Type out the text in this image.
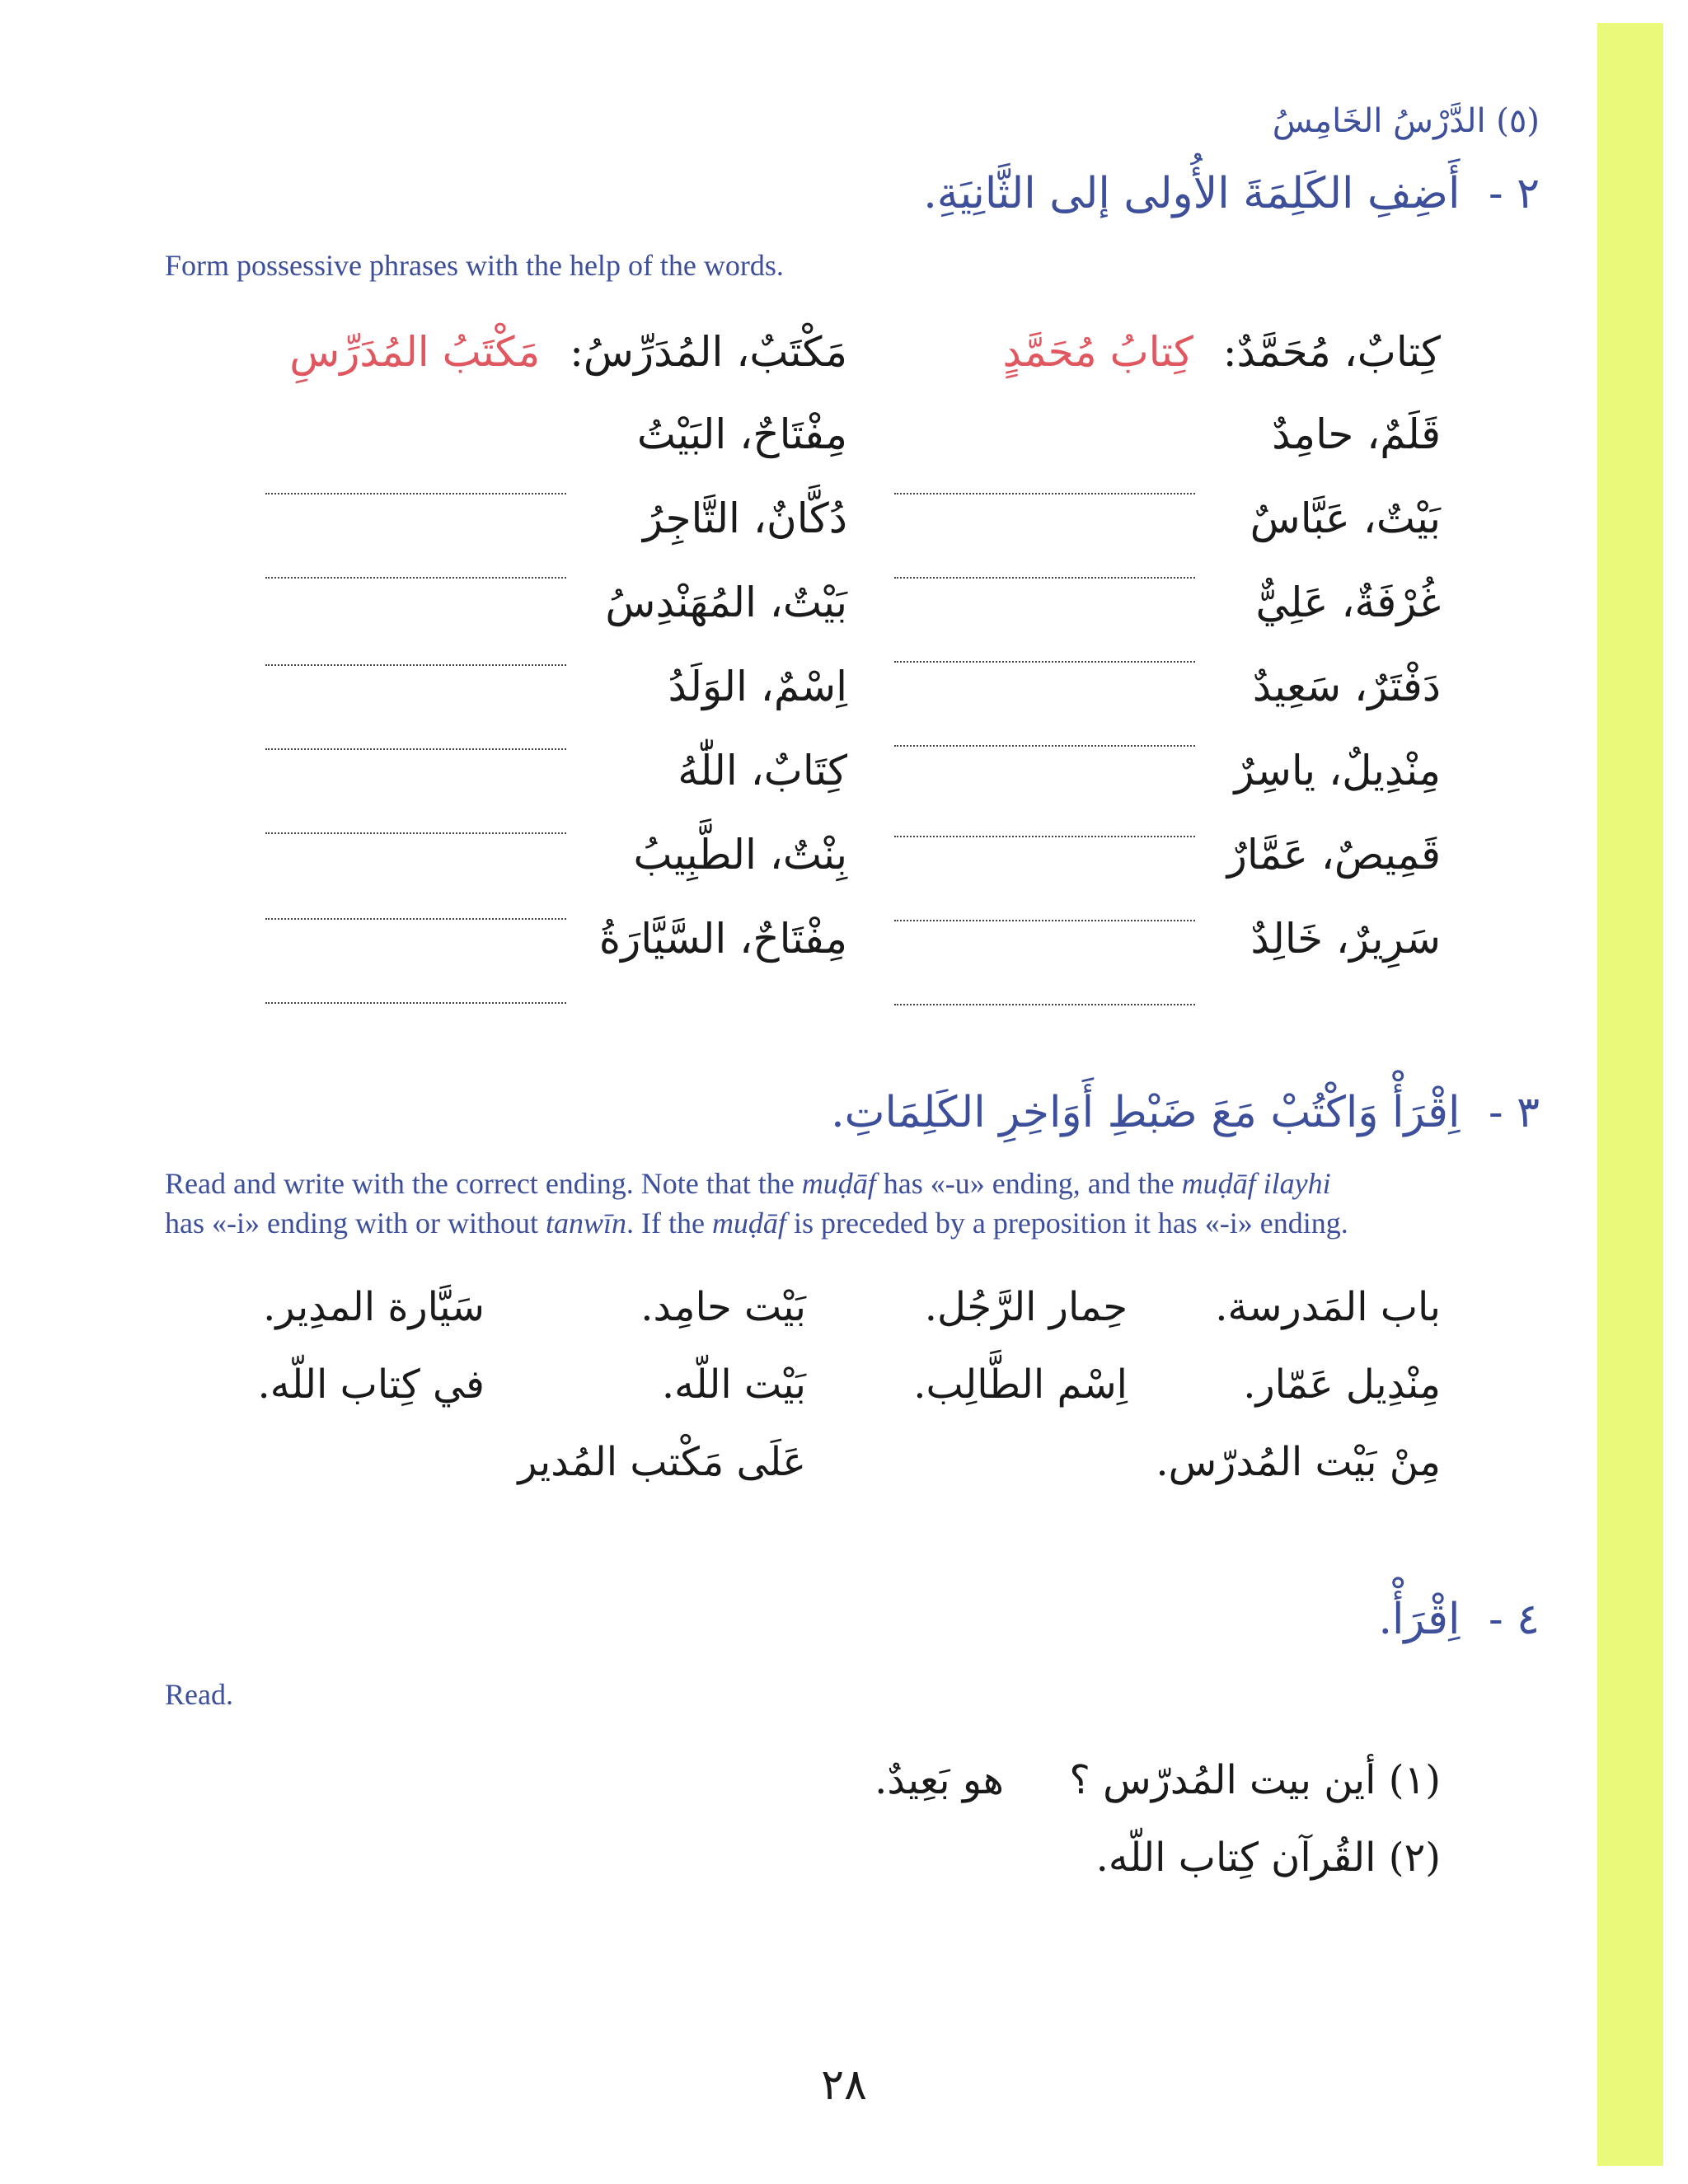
(٥) الدَّرْسُ الخَامِسُ
٢ - أَضِفِ الكَلِمَةَ الأُولى إلى الثَّانِيَةِ.
Form possessive phrases with the help of the words.
كِتابٌ، مُحَمَّدٌ: كِتابُ مُحَمَّدٍ
مَكْتَبٌ، المُدَرِّسُ: مَكْتَبُ المُدَرِّسِ
قَلَمٌ، حامِدٌ
بَيْتٌ، عَبَّاسٌ
غُرْفَةٌ، عَلِيٌّ
دَفْتَرٌ، سَعِيدٌ
مِنْدِيلٌ، ياسِرٌ
قَمِيصٌ، عَمَّارٌ
سَرِيرٌ، خَالِدٌ
مِفْتَاحٌ، البَيْتُ
دُكَّانٌ، التَّاجِرُ
بَيْتٌ، المُهَنْدِسُ
اِسْمٌ، الوَلَدُ
كِتَابٌ، اللّٰهُ
بِنْتٌ، الطَّبِيبُ
مِفْتَاحٌ، السَّيَّارَةُ
٣ - اِقْرَأْ وَاكْتُبْ مَعَ ضَبْطِ أَوَاخِرِ الكَلِمَاتِ.
Read and write with the correct ending. Note that the muḍāf has «-u» ending, and the muḍāf ilayhi
has «-i» ending with or without tanwīn. If the muḍāf is preceded by a preposition it has «-i» ending.
باب المَدرسة.
حِمار الرَّجُل.
بَيْت حامِد.
سَيَّارة المدِير.
مِنْدِيل عَمّار.
اِسْم الطَّالِب.
بَيْت اللّه.
في كِتاب اللّه.
مِنْ بَيْت المُدرّس.
عَلَى مَكْتب المُدير
٤ - اِقْرَأْ.
Read.
(١) أين بيت المُدرّس ؟
هو بَعِيدٌ.
(٢) القُرآن كِتاب اللّه.
٢٨
